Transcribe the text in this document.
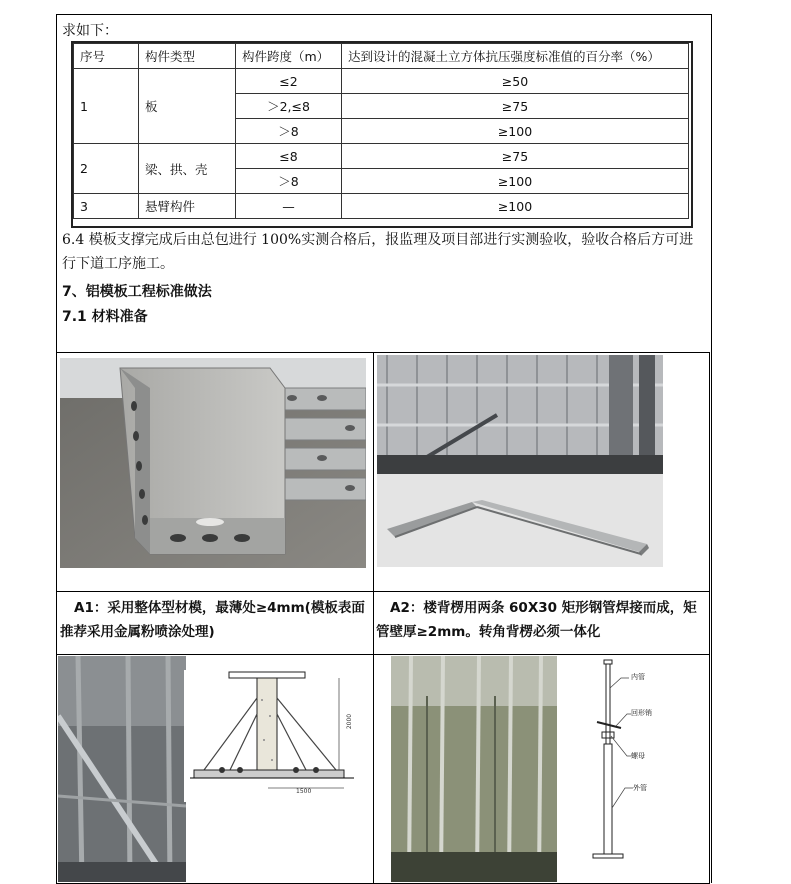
求如下：
序号	构件类型	构件跨度（m）	达到设计的混凝土立方体抗压强度标准值的百分率（%）
1	板	≤2	≥50
		＞2,≤8	≥75
		＞8	≥100
2	梁、拱、壳	≤8	≥75
		＞8	≥100
3	悬臂构件	—	≥100
6.4 模板支撑完成后由总包进行 100%实测合格后，报监理及项目部进行实测验收，验收合格后方可进行下道工序施工。
7、铝模板工程标准做法
7.1 材料准备
A1：采用整体型材模，最薄处≥4mm(模板表面推荐采用金属粉喷涂处理)
A2：楼背楞用两条 60X30 矩形钢管焊接而成，矩管壁厚≥2mm。转角背楞必须一体化
2000
1500
内管
回形销
螺母
外管
